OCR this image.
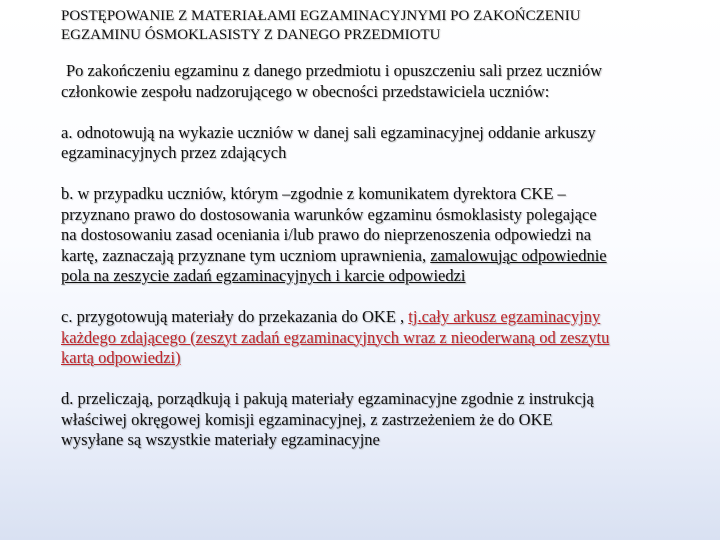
POSTĘPOWANIE Z MATERIAŁAMI EGZAMINACYJNYMI PO ZAKOŃCZENIU
EGZAMINU ÓSMOKLASISTY Z DANEGO PRZEDMIOTU

Po zakończeniu egzaminu z danego przedmiotu i opuszczeniu sali przez uczniów
członkowie zespołu nadzorującego w obecności przedstawiciela uczniów:

a. odnotowują na wykazie uczniów w danej sali egzaminacyjnej oddanie arkuszy
egzaminacyjnych przez zdających

b. w przypadku uczniów, którym –zgodnie z komunikatem dyrektora CKE –
przyznano prawo do dostosowania warunków egzaminu ósmoklasisty polegające
na dostosowaniu zasad oceniania i/lub prawo do nieprzenoszenia odpowiedzi na
kartę, zaznaczają przyznane tym uczniom uprawnienia, zamalowując odpowiednie
pola na zeszycie zadań egzaminacyjnych i karcie odpowiedzi

c. przygotowują materiały do przekazania do OKE , tj.cały arkusz egzaminacyjny
każdego zdającego (zeszyt zadań egzaminacyjnych wraz z nieoderwaną od zeszytu
kartą odpowiedzi)

d. przeliczają, porządkują i pakują materiały egzaminacyjne zgodnie z instrukcją
właściwej okręgowej komisji egzaminacyjnej, z zastrzeżeniem że do OKE
wysyłane są wszystkie materiały egzaminacyjne
